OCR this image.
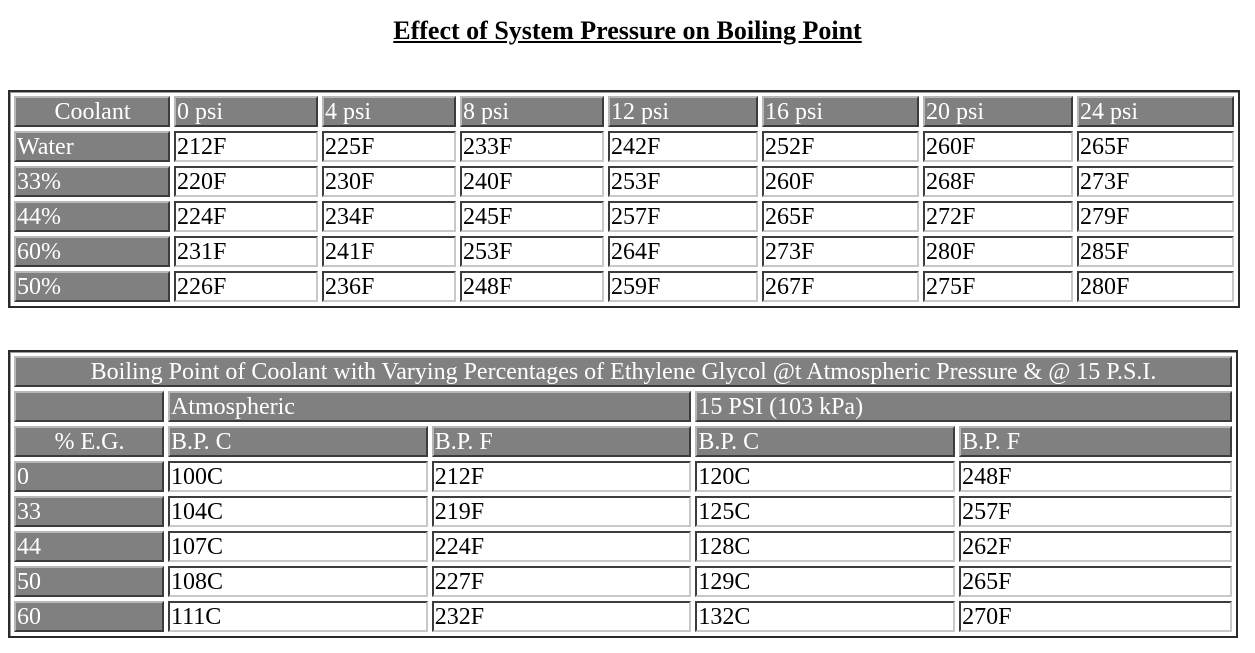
Effect of System Pressure on Boiling Point
Coolant	0 psi	4 psi	8 psi	12 psi	16 psi	20 psi	24 psi
Water	212F	225F	233F	242F	252F	260F	265F
33%	220F	230F	240F	253F	260F	268F	273F
44%	224F	234F	245F	257F	265F	272F	279F
60%	231F	241F	253F	264F	273F	280F	285F
50%	226F	236F	248F	259F	267F	275F	280F
Boiling Point of Coolant with Varying Percentages of Ethylene Glycol @t Atmospheric Pressure & @ 15 P.S.I.				
	Atmospheric		15 PSI (103 kPa)	
% E.G.	B.P. C	B.P. F	B.P. C	B.P. F
0	100C	212F	120C	248F
33	104C	219F	125C	257F
44	107C	224F	128C	262F
50	108C	227F	129C	265F
60	111C	232F	132C	270F
